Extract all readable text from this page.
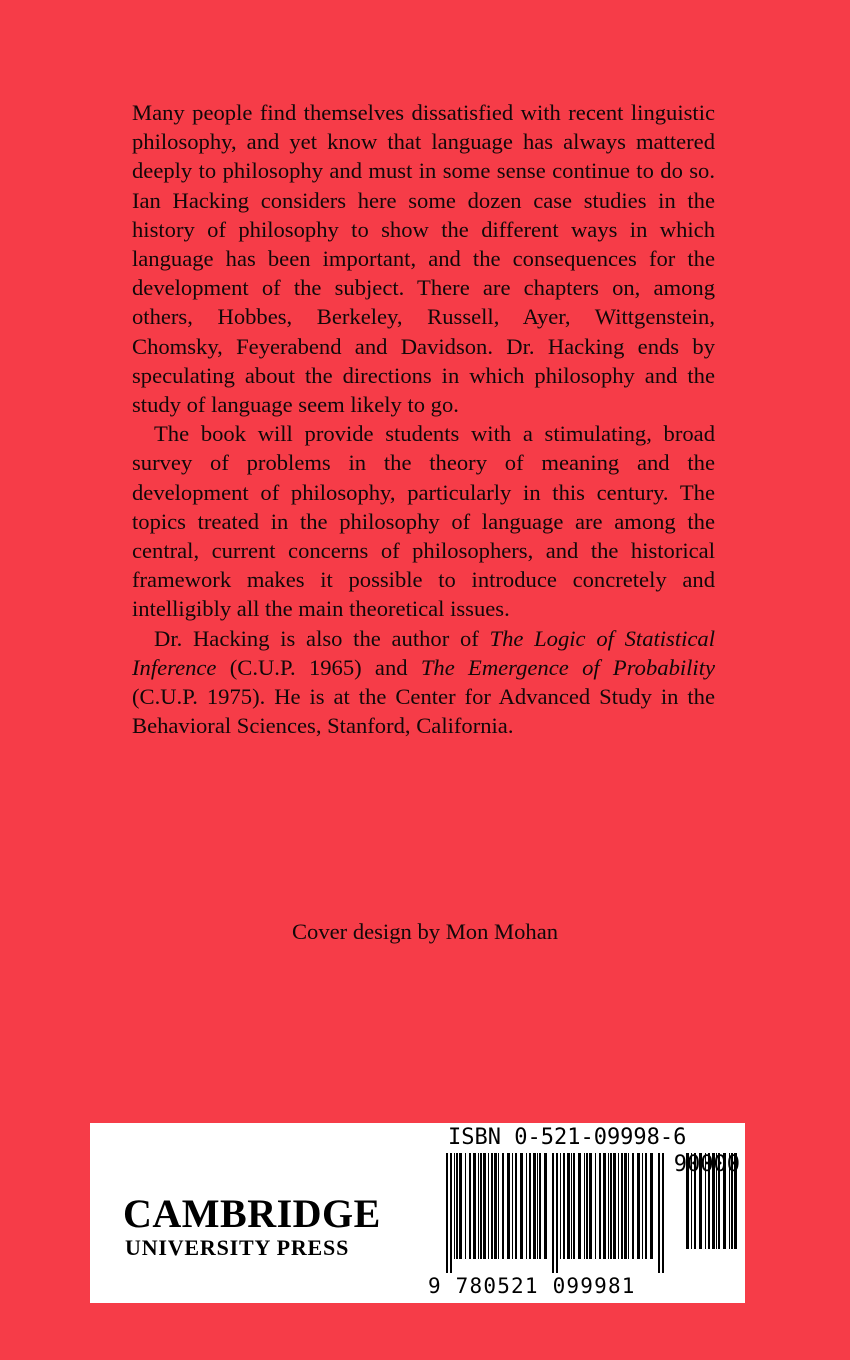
Many people find themselves dissatisfied with recent linguistic philosophy, and yet know that language has always mattered deeply to philosophy and must in some sense continue to do so. Ian Hacking considers here some dozen case studies in the history of philosophy to show the different ways in which language has been important, and the consequences for the development of the subject. There are chapters on, among others, Hobbes, Berkeley, Russell, Ayer, Wittgenstein, Chomsky, Feyerabend and Davidson. Dr. Hacking ends by speculating about the directions in which philosophy and the study of language seem likely to go.

The book will provide students with a stimulating, broad survey of problems in the theory of meaning and the development of philosophy, particularly in this century. The topics treated in the philosophy of language are among the central, current concerns of philosophers, and the historical framework makes it possible to introduce concretely and intelligibly all the main theoretical issues.

Dr. Hacking is also the author of The Logic of Statistical Inference (C.U.P. 1965) and The Emergence of Probability (C.U.P. 1975). He is at the Center for Advanced Study in the Behavioral Sciences, Stanford, California.

Cover design by Mon Mohan
CAMBRIDGE
UNIVERSITY PRESS
ISBN 0-521-09998-6
90000
9 780521 099981
